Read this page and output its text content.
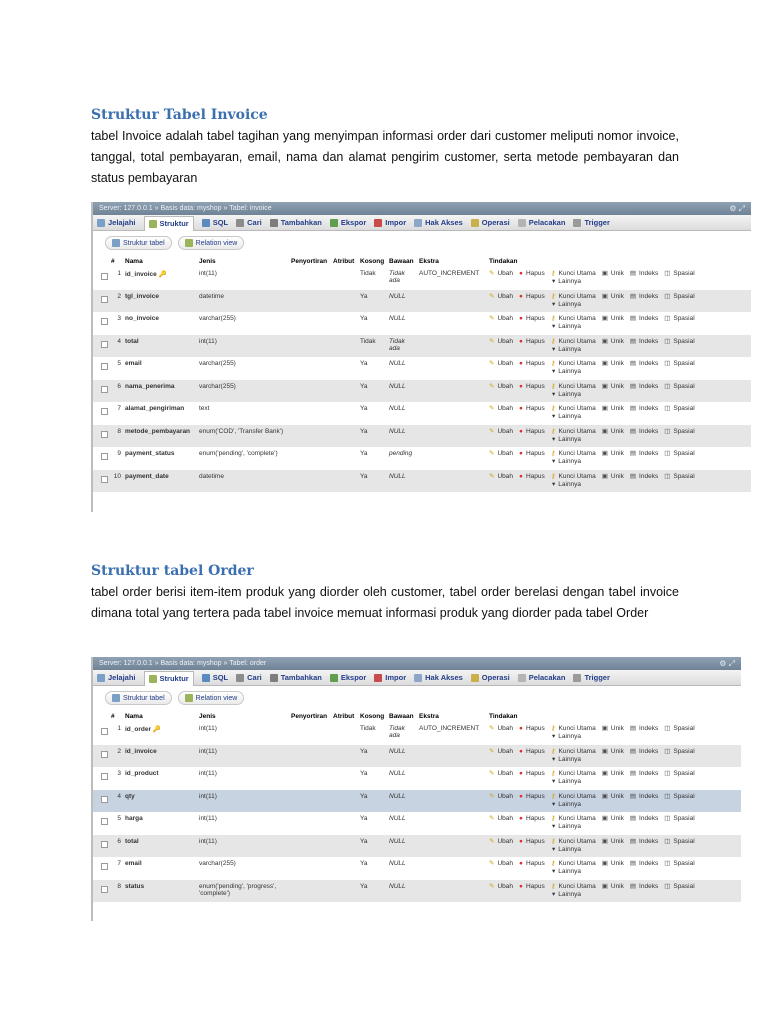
Struktur Tabel Invoice
tabel Invoice adalah tabel tagihan yang menyimpan informasi order dari customer meliputi nomor invoice, tanggal, total pembayaran, email, nama dan alamat pengirim customer, serta metode pembayaran dan status pembayaran
Server: 127.0.0.1 » Basis data: myshop » Tabel: invoice	⚙ ⤢
Jelajahi	Struktur	SQL	Cari	Tambahkan	Ekspor	Impor	Hak Akses	Operasi	Pelacakan	Trigger
Struktur tabel	Relation view
	#	Nama	Jenis	Penyortiran	Atribut	Kosong	Bawaan	Ekstra	Tindakan
	1	id_invoice 🔑	int(11)			Tidak	Tidak ada	AUTO_INCREMENT	✎ Ubah ● Hapus ⚷ Kunci Utama ▣ Unik ▤ Indeks ◫ Spasial
▾ Lainnya
	2	tgl_invoice	datetime			Ya	NULL		✎ Ubah ● Hapus ⚷ Kunci Utama ▣ Unik ▤ Indeks ◫ Spasial
▾ Lainnya
	3	no_invoice	varchar(255)			Ya	NULL		✎ Ubah ● Hapus ⚷ Kunci Utama ▣ Unik ▤ Indeks ◫ Spasial
▾ Lainnya
	4	total	int(11)			Tidak	Tidak ada		✎ Ubah ● Hapus ⚷ Kunci Utama ▣ Unik ▤ Indeks ◫ Spasial
▾ Lainnya
	5	email	varchar(255)			Ya	NULL		✎ Ubah ● Hapus ⚷ Kunci Utama ▣ Unik ▤ Indeks ◫ Spasial
▾ Lainnya
	6	nama_penerima	varchar(255)			Ya	NULL		✎ Ubah ● Hapus ⚷ Kunci Utama ▣ Unik ▤ Indeks ◫ Spasial
▾ Lainnya
	7	alamat_pengiriman	text			Ya	NULL		✎ Ubah ● Hapus ⚷ Kunci Utama ▣ Unik ▤ Indeks ◫ Spasial
▾ Lainnya
	8	metode_pembayaran	enum('COD', 'Transfer Bank')			Ya	NULL		✎ Ubah ● Hapus ⚷ Kunci Utama ▣ Unik ▤ Indeks ◫ Spasial
▾ Lainnya
	9	payment_status	enum('pending', 'complete')			Ya	pending		✎ Ubah ● Hapus ⚷ Kunci Utama ▣ Unik ▤ Indeks ◫ Spasial
▾ Lainnya
	10	payment_date	datetime			Ya	NULL		✎ Ubah ● Hapus ⚷ Kunci Utama ▣ Unik ▤ Indeks ◫ Spasial
▾ Lainnya
Struktur tabel Order
tabel order berisi item-item produk yang diorder oleh customer, tabel order berelasi dengan tabel invoice dimana total yang tertera pada tabel invoice memuat informasi produk yang diorder pada tabel Order
Server: 127.0.0.1 » Basis data: myshop » Tabel: order	⚙ ⤢
Jelajahi	Struktur	SQL	Cari	Tambahkan	Ekspor	Impor	Hak Akses	Operasi	Pelacakan	Trigger
Struktur tabel	Relation view
	#	Nama	Jenis	Penyortiran	Atribut	Kosong	Bawaan	Ekstra	Tindakan
	1	id_order 🔑	int(11)			Tidak	Tidak ada	AUTO_INCREMENT	✎ Ubah ● Hapus ⚷ Kunci Utama ▣ Unik ▤ Indeks ◫ Spasial
▾ Lainnya
	2	id_invoice	int(11)			Ya	NULL		✎ Ubah ● Hapus ⚷ Kunci Utama ▣ Unik ▤ Indeks ◫ Spasial
▾ Lainnya
	3	id_product	int(11)			Ya	NULL		✎ Ubah ● Hapus ⚷ Kunci Utama ▣ Unik ▤ Indeks ◫ Spasial
▾ Lainnya
	4	qty	int(11)			Ya	NULL		✎ Ubah ● Hapus ⚷ Kunci Utama ▣ Unik ▤ Indeks ◫ Spasial
▾ Lainnya
	5	harga	int(11)			Ya	NULL		✎ Ubah ● Hapus ⚷ Kunci Utama ▣ Unik ▤ Indeks ◫ Spasial
▾ Lainnya
	6	total	int(11)			Ya	NULL		✎ Ubah ● Hapus ⚷ Kunci Utama ▣ Unik ▤ Indeks ◫ Spasial
▾ Lainnya
	7	email	varchar(255)			Ya	NULL		✎ Ubah ● Hapus ⚷ Kunci Utama ▣ Unik ▤ Indeks ◫ Spasial
▾ Lainnya
	8	status	enum('pending', 'progress', 'complete')			Ya	NULL		✎ Ubah ● Hapus ⚷ Kunci Utama ▣ Unik ▤ Indeks ◫ Spasial
▾ Lainnya
